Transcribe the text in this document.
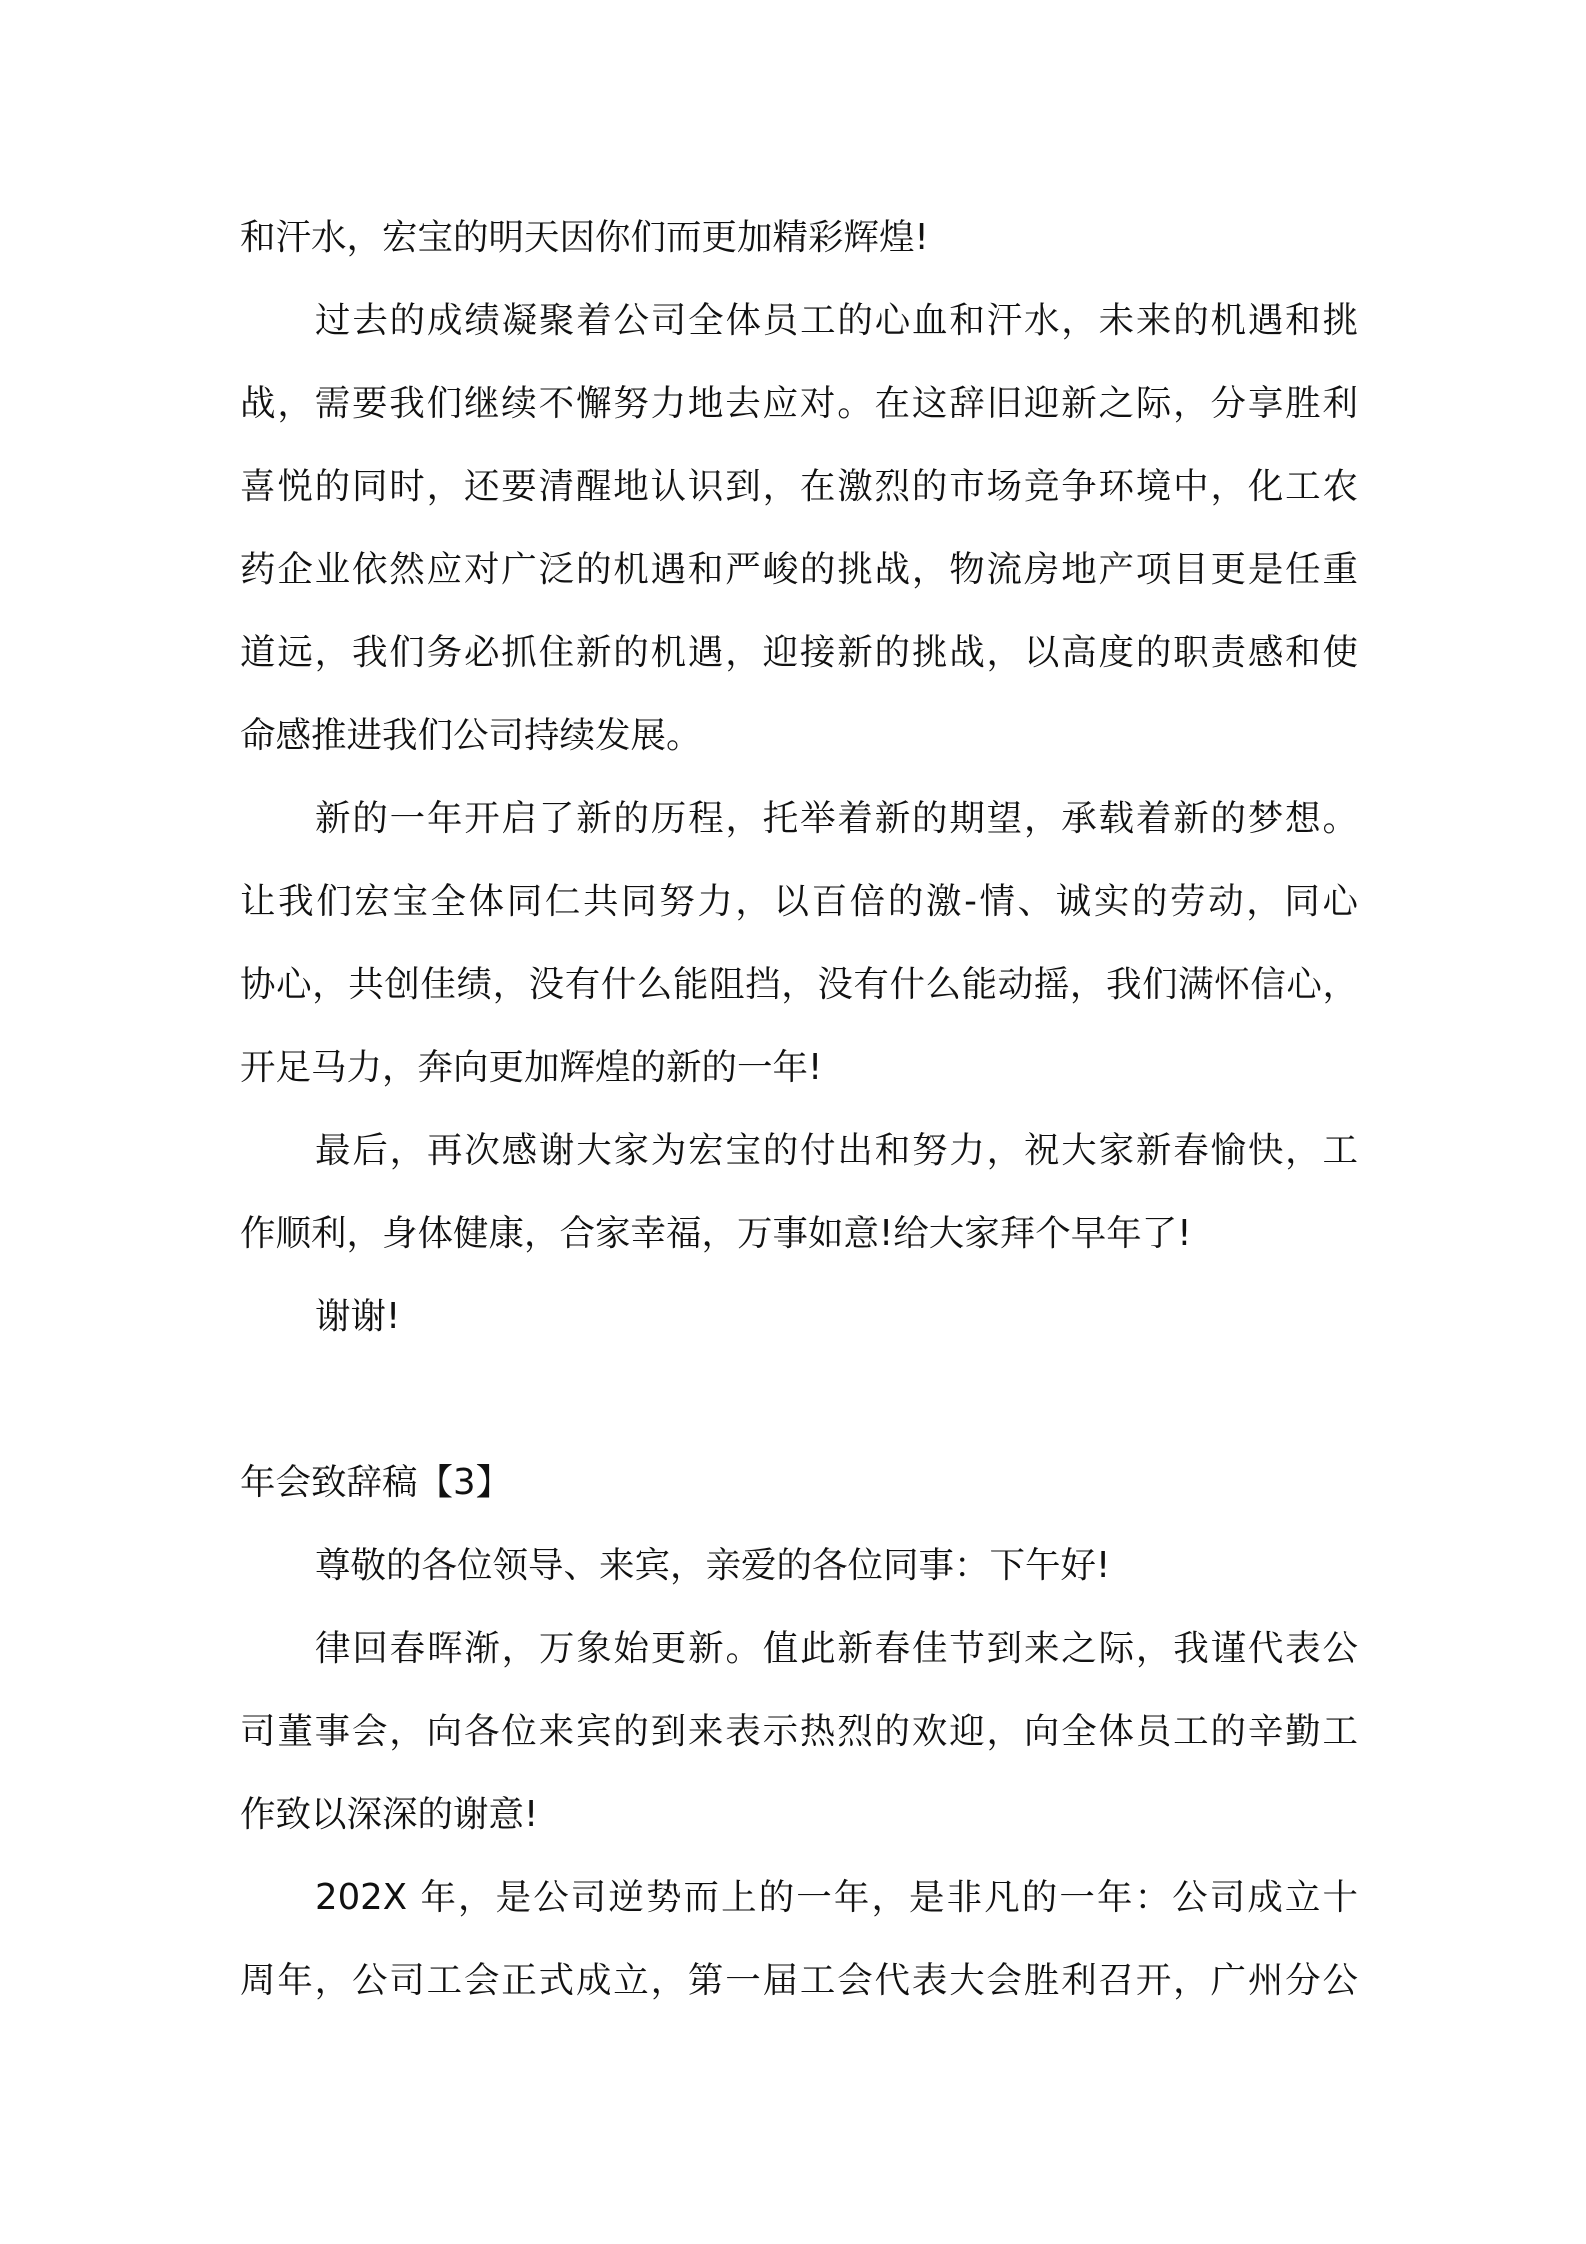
和汗水，宏宝的明天因你们而更加精彩辉煌!
过去的成绩凝聚着公司全体员工的心血和汗水，未来的机遇和挑
战，需要我们继续不懈努力地去应对。在这辞旧迎新之际，分享胜利
喜悦的同时，还要清醒地认识到，在激烈的市场竞争环境中，化工农
药企业依然应对广泛的机遇和严峻的挑战，物流房地产项目更是任重
道远，我们务必抓住新的机遇，迎接新的挑战，以高度的职责感和使
命感推进我们公司持续发展。
新的一年开启了新的历程，托举着新的期望，承载着新的梦想。
让我们宏宝全体同仁共同努力，以百倍的激-情、诚实的劳动，同心
协心，共创佳绩，没有什么能阻挡，没有什么能动摇，我们满怀信心，
开足马力，奔向更加辉煌的新的一年!
最后，再次感谢大家为宏宝的付出和努力，祝大家新春愉快，工
作顺利，身体健康，合家幸福，万事如意!给大家拜个早年了!
谢谢!
年会致辞稿【3】
尊敬的各位领导、来宾，亲爱的各位同事：下午好!
律回春晖渐，万象始更新。值此新春佳节到来之际，我谨代表公
司董事会，向各位来宾的到来表示热烈的欢迎，向全体员工的辛勤工
作致以深深的谢意!
202X 年，是公司逆势而上的一年，是非凡的一年：公司成立十
周年，公司工会正式成立，第一届工会代表大会胜利召开，广州分公
